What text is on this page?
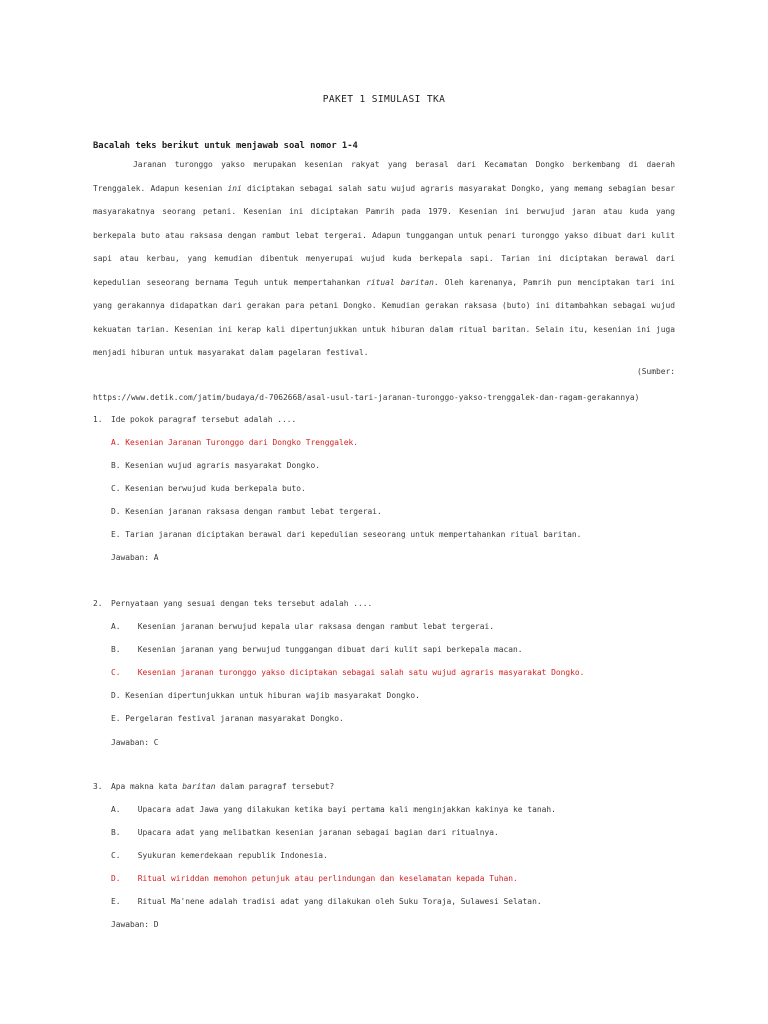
PAKET 1 SIMULASI TKA
Bacalah teks berikut untuk menjawab soal nomor 1-4

Jaranan turonggo yakso merupakan kesenian rakyat yang berasal dari Kecamatan Dongko berkembang di daerah Trenggalek. Adapun kesenian ini diciptakan sebagai salah satu wujud agraris masyarakat Dongko, yang memang sebagian besar masyarakatnya seorang petani. Kesenian ini diciptakan Pamrih pada 1979. Kesenian ini berwujud jaran atau kuda yang berkepala buto atau raksasa dengan rambut lebat tergerai. Adapun tunggangan untuk penari turonggo yakso dibuat dari kulit sapi atau kerbau, yang kemudian dibentuk menyerupai wujud kuda berkepala sapi. Tarian ini diciptakan berawal dari kepedulian seseorang bernama Teguh untuk mempertahankan ritual baritan. Oleh karenanya, Pamrih pun menciptakan tari ini yang gerakannya didapatkan dari gerakan para petani Dongko. Kemudian gerakan raksasa (buto) ini ditambahkan sebagai wujud kekuatan tarian. Kesenian ini kerap kali dipertunjukkan untuk hiburan dalam ritual baritan. Selain itu, kesenian ini juga menjadi hiburan untuk masyarakat dalam pagelaran festival.

(Sumber:
https://www.detik.com/jatim/budaya/d-7062668/asal-usul-tari-jaranan-turonggo-yakso-trenggalek-dan-ragam-gerakannya)
1. Ide pokok paragraf tersebut adalah ....
A. Kesenian Jaranan Turonggo dari Dongko Trenggalek.
B. Kesenian wujud agraris masyarakat Dongko.
C. Kesenian berwujud kuda berkepala buto.
D. Kesenian jaranan raksasa dengan rambut lebat tergerai.
E. Tarian jaranan diciptakan berawal dari kepedulian seseorang untuk mempertahankan ritual baritan.
Jawaban: A
2. Pernyataan yang sesuai dengan teks tersebut adalah ....
A. Kesenian jaranan berwujud kepala ular raksasa dengan rambut lebat tergerai.
B. Kesenian jaranan yang berwujud tunggangan dibuat dari kulit sapi berkepala macan.
C. Kesenian jaranan turonggo yakso diciptakan sebagai salah satu wujud agraris masyarakat Dongko.
D. Kesenian dipertunjukkan untuk hiburan wajib masyarakat Dongko.
E. Pergelaran festival jaranan masyarakat Dongko.
Jawaban: C
3. Apa makna kata baritan dalam paragraf tersebut?
A. Upacara adat Jawa yang dilakukan ketika bayi pertama kali menginjakkan kakinya ke tanah.
B. Upacara adat yang melibatkan kesenian jaranan sebagai bagian dari ritualnya.
C. Syukuran kemerdekaan republik Indonesia.
D. Ritual wiriddan memohon petunjuk atau perlindungan dan keselamatan kepada Tuhan.
E. Ritual Ma'nene adalah tradisi adat yang dilakukan oleh Suku Toraja, Sulawesi Selatan.
Jawaban: D
